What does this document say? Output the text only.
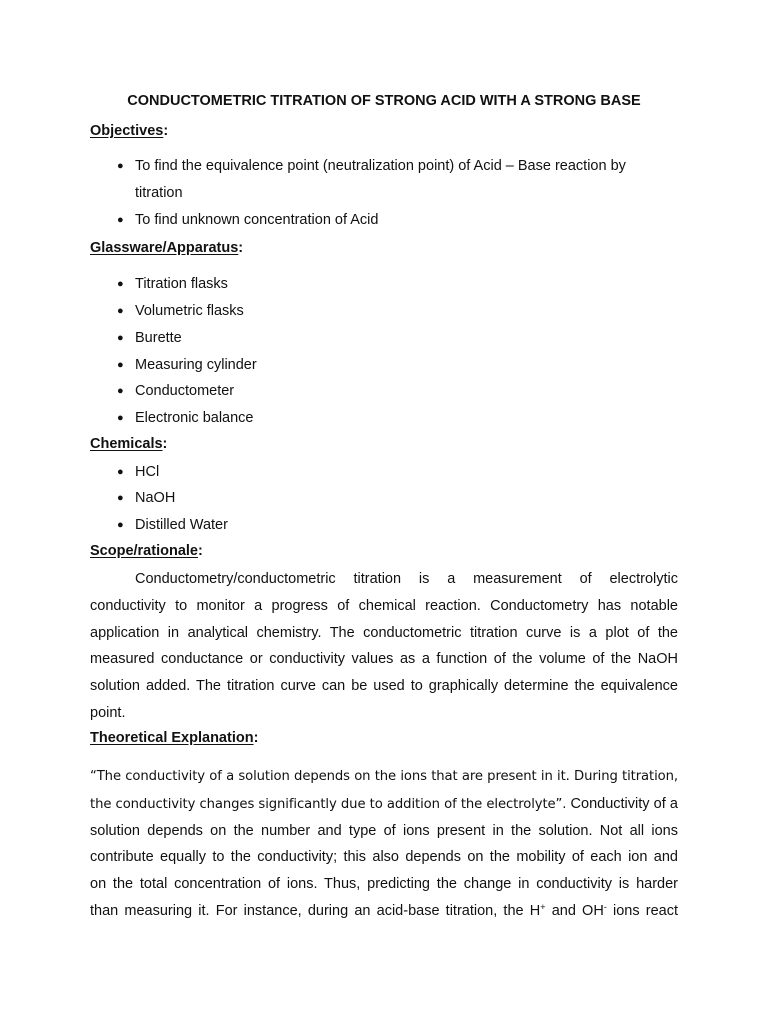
CONDUCTOMETRIC TITRATION OF STRONG ACID WITH A STRONG BASE
Objectives:
● To find the equivalence point (neutralization point) of Acid – Base reaction by
titration
● To find unknown concentration of Acid
Glassware/Apparatus:
● Titration flasks
● Volumetric flasks
● Burette
● Measuring cylinder
● Conductometer
● Electronic balance
Chemicals:
● HCl
● NaOH
● Distilled Water
Scope/rationale:
Conductometry/conductometric titration is a measurement of electrolytic
conductivity to monitor a progress of chemical reaction. Conductometry has notable
application in analytical chemistry. The conductometric titration curve is a plot of the
measured conductance or conductivity values as a function of the volume of the NaOH
solution added. The titration curve can be used to graphically determine the equivalence
point.
Theoretical Explanation:
“The conductivity of a solution depends on the ions that are present in it. During titration,
the conductivity changes significantly due to addition of the electrolyte”. Conductivity of a
solution depends on the number and type of ions present in the solution. Not all ions
contribute equally to the conductivity; this also depends on the mobility of each ion and
on the total concentration of ions. Thus, predicting the change in conductivity is harder
than measuring it. For instance, during an acid-base titration, the H+ and OH- ions react
